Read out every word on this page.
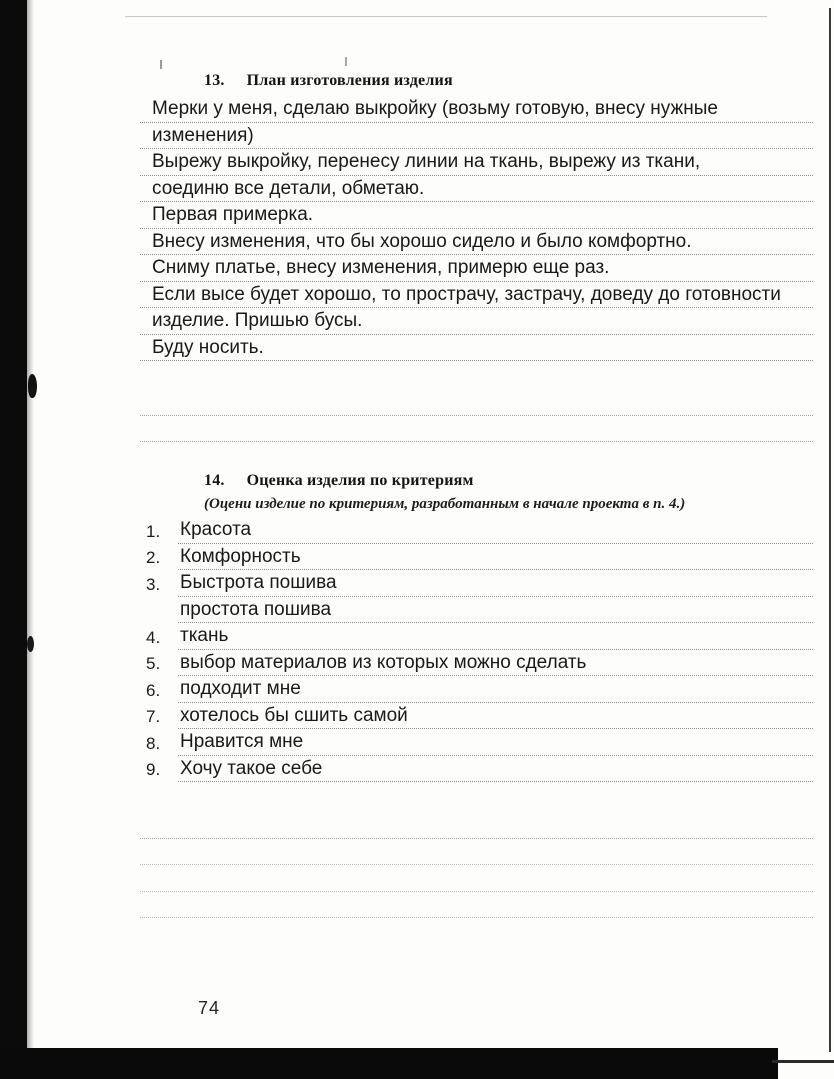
13. План изготовления изделия
Мерки у меня, сделаю выкройку (возьму готовую, внесу нужные
изменения)
Вырежу выкройку, перенесу линии на ткань, вырежу из ткани,
соединю все детали, обметаю.
Первая примерка.
Внесу изменения, что бы хорошо сидело и было комфортно.
Сниму платье, внесу изменения, примерю еще раз.
Если высе будет хорошо, то прострачу, застрачу, доведу до готовности
изделие. Пришью бусы.
Буду носить.
14. Оценка изделия по критериям
(Оцени изделие по критериям, разработанным в начале проекта в п. 4.)
1.	Красота
2.	Комфорность
3.	Быстрота пошива
простота пошива
4.	ткань
5.	выбор материалов из которых можно сделать
6.	подходит мне
7.	хотелось бы сшить самой
8.	Нравится мне
9.	Хочу такое себе
74
